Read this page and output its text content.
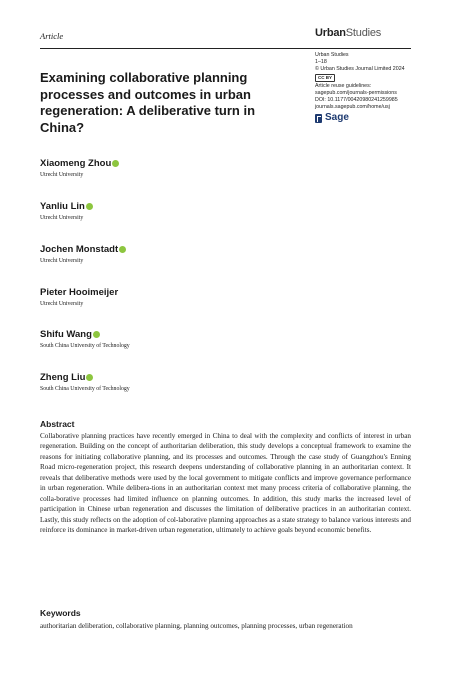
Article	UrbanStudies
Urban Studies
1–18
© Urban Studies Journal Limited 2024
CC BY
Article reuse guidelines:
sagepub.com/journals-permissions
DOI: 10.1177/00420980241259985
journals.sagepub.com/home/usj
Sage
Examining collaborative planning processes and outcomes in urban regeneration: A deliberative turn in China?
Xiaomeng Zhou
Utrecht University
Yanliu Lin
Utrecht University
Jochen Monstadt
Utrecht University
Pieter Hooimeijer
Utrecht University
Shifu Wang
South China University of Technology
Zheng Liu
South China University of Technology
Abstract
Collaborative planning practices have recently emerged in China to deal with the complexity and conflicts of interest in urban regeneration. Building on the concept of authoritarian deliberation, this study develops a conceptual framework to examine the reasons for initiating collaborative planning, and its processes and outcomes. Through the case study of Guangzhou's Enning Road micro-regeneration project, this research deepens understanding of collaborative planning in an authoritarian context. It reveals that deliberative methods were used by the local government to mitigate conflicts and improve governance performance in urban regeneration. While delibera-tions in an authoritarian context met many process criteria of collaborative planning, the colla-borative processes had limited influence on planning outcomes. In addition, this study marks the increased level of participation in Chinese urban regeneration and discusses the limitation of deliberative practices in an authoritarian context. Lastly, this study reflects on the adoption of col-laborative planning approaches as a state strategy to balance various interests and reinforce its dominance in market-driven urban regeneration, ultimately to achieve goals beyond economic benefits.
Keywords
authoritarian deliberation, collaborative planning, planning outcomes, planning processes, urban regeneration
